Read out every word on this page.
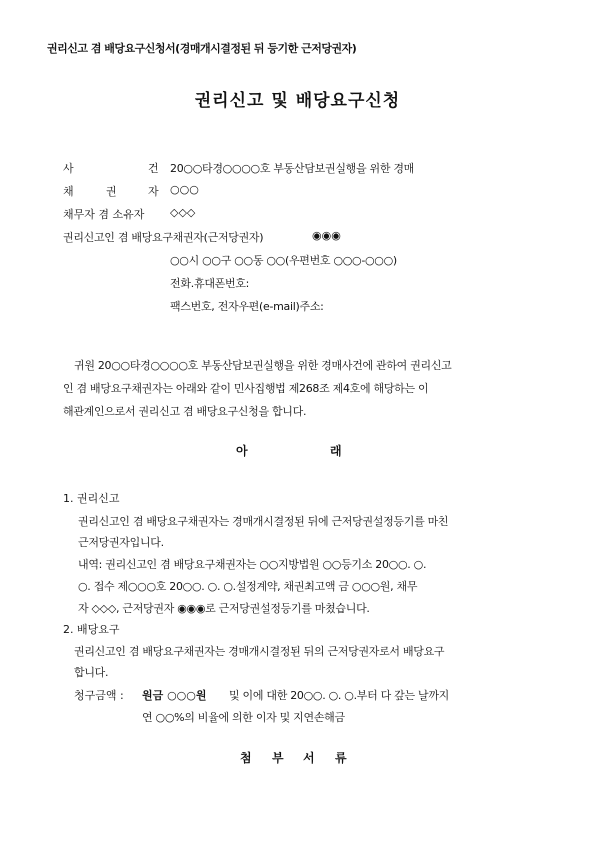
권리신고 겸 배당요구신청서(경매개시결정된 뒤 등기한 근저당권자)
권리신고 및 배당요구신청
사	건 20○○타경○○○○호 부동산담보권실행을 위한 경매
채	권	자 ○○○
채무자 겸 소유자 ◇◇◇
권리신고인 겸 배당요구채권자(근저당권자)	◉◉◉
○○시 ○○구 ○○동 ○○(우편번호 ○○○-○○○)
전화․휴대폰번호:
팩스번호, 전자우편(e-mail)주소:
귀원 20○○타경○○○○호 부동산담보권실행을 위한 경매사건에 관하여 권리신고
인 겸 배당요구채권자는 아래와 같이 민사집행법 제268조 제4호에 해당하는 이
해관계인으로서 권리신고 겸 배당요구신청을 합니다.
아	래
1. 권리신고
권리신고인 겸 배당요구채권자는 경매개시결정된 뒤에 근저당권설정등기를 마친
근저당권자입니다.
내역: 권리신고인 겸 배당요구채권자는 ○○지방법원 ○○등기소 20○○. ○.
○. 접수 제○○○호 20○○. ○. ○.설정계약, 채권최고액 금 ○○○원, 채무
자 ◇◇◇, 근저당권자 ◉◉◉로 근저당권설정등기를 마쳤습니다.
2. 배당요구
권리신고인 겸 배당요구채권자는 경매개시결정된 뒤의 근저당권자로서 배당요구
합니다.
청구금액 : 원금 ○○○원 및 이에 대한 20○○. ○. ○.부터 다 갚는 날까지
연 ○○%의 비율에 의한 이자 및 지연손해금
첨 부 서 류
